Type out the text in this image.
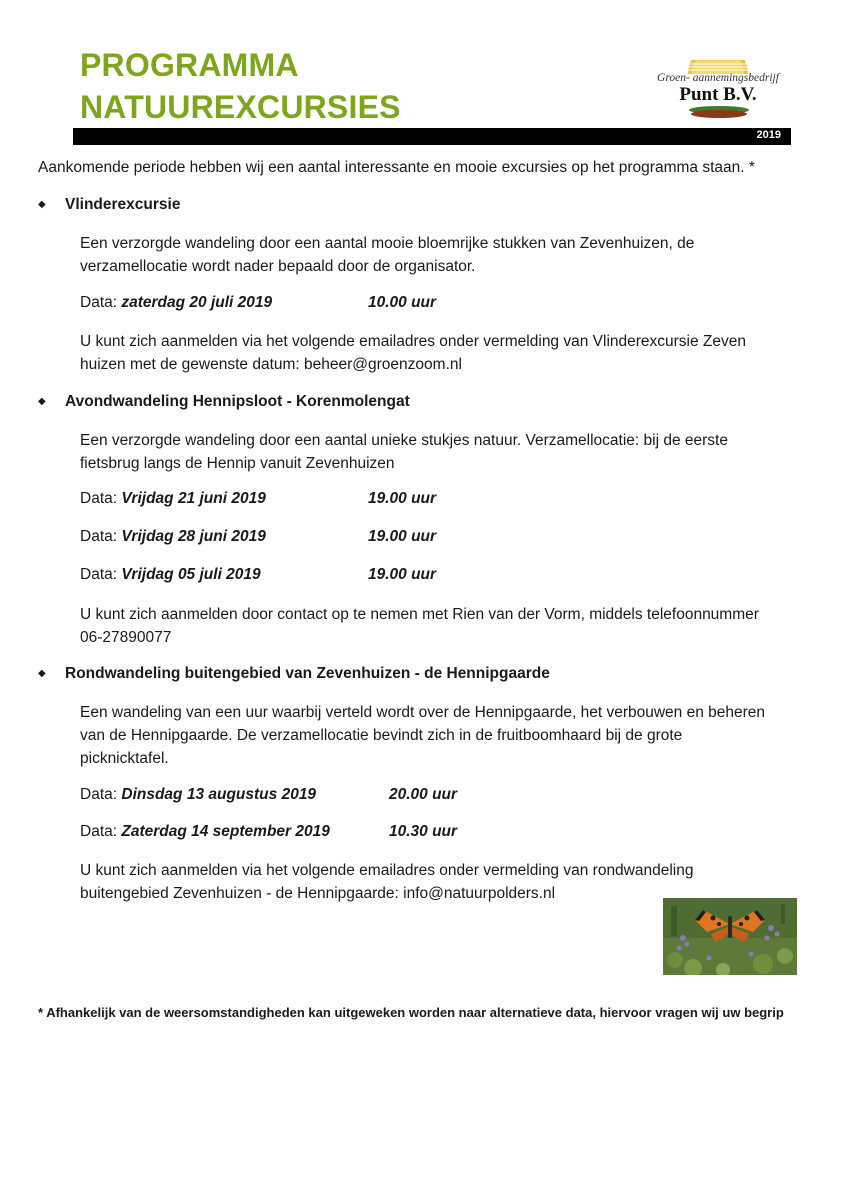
PROGRAMMA
NATUUREXCURSIES
Groen- aannemingsbedrijf
Punt B.V.
2019

Aankomende periode hebben wij een aantal interessante en mooie excursies op het programma staan. *

◆ Vlinderexcursie

Een verzorgde wandeling door een aantal mooie bloemrijke stukken van Zevenhuizen, de
verzamellocatie wordt nader bepaald door de organisator.

Data: zaterdag 20 juli 2019	10.00 uur

U kunt zich aanmelden via het volgende emailadres onder vermelding van Vlinderexcursie Zeven
huizen met de gewenste datum: beheer@groenzoom.nl

◆ Avondwandeling Hennipsloot - Korenmolengat

Een verzorgde wandeling door een aantal unieke stukjes natuur. Verzamellocatie: bij de eerste
fietsbrug langs de Hennip vanuit Zevenhuizen

Data: Vrijdag 21 juni 2019	19.00 uur

Data: Vrijdag 28 juni 2019	19.00 uur

Data: Vrijdag 05 juli 2019	19.00 uur

U kunt zich aanmelden door contact op te nemen met Rien van der Vorm, middels telefoonnummer
06-27890077

◆ Rondwandeling buitengebied van Zevenhuizen - de Hennipgaarde

Een wandeling van een uur waarbij verteld wordt over de Hennipgaarde, het verbouwen en beheren
van de Hennipgaarde. De verzamellocatie bevindt zich in de fruitboomhaard bij de grote
picknicktafel.

Data: Dinsdag 13 augustus 2019	20.00 uur

Data: Zaterdag 14 september 2019	10.30 uur

U kunt zich aanmelden via het volgende emailadres onder vermelding van rondwandeling
buitengebied Zevenhuizen - de Hennipgaarde: info@natuurpolders.nl

* Afhankelijk van de weersomstandigheden kan uitgeweken worden naar alternatieve data, hiervoor vragen wij uw begrip
